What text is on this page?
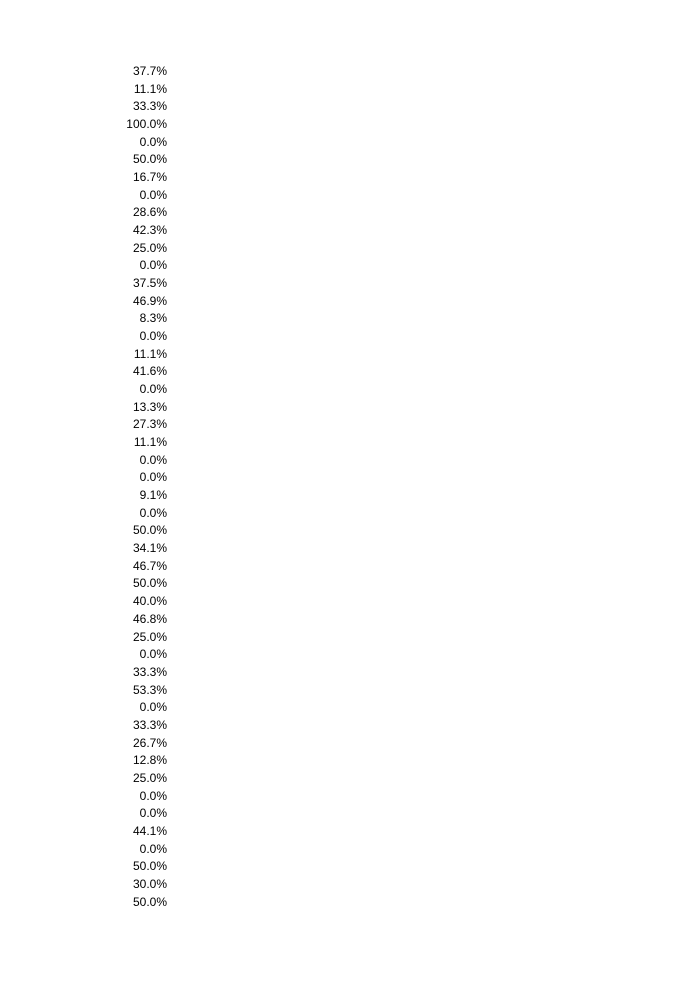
37.7%
11.1%
33.3%
100.0%
0.0%
50.0%
16.7%
0.0%
28.6%
42.3%
25.0%
0.0%
37.5%
46.9%
8.3%
0.0%
11.1%
41.6%
0.0%
13.3%
27.3%
11.1%
0.0%
0.0%
9.1%
0.0%
50.0%
34.1%
46.7%
50.0%
40.0%
46.8%
25.0%
0.0%
33.3%
53.3%
0.0%
33.3%
26.7%
12.8%
25.0%
0.0%
0.0%
44.1%
0.0%
50.0%
30.0%
50.0%
